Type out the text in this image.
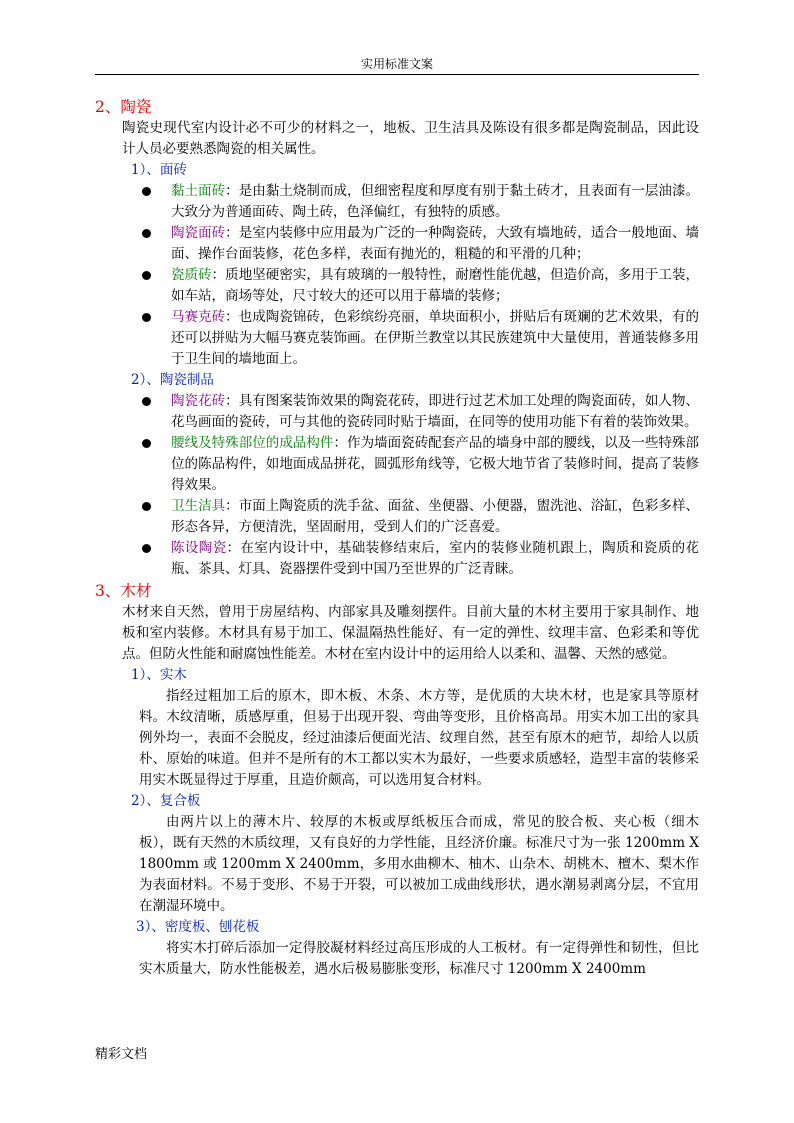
实用标准文案
2、陶瓷
陶瓷史现代室内设计必不可少的材料之一，地板、卫生洁具及陈设有很多都是陶瓷制品，因此设计人员必要熟悉陶瓷的相关属性。
1）、面砖
黏土面砖：是由黏土烧制而成，但细密程度和厚度有别于黏土砖才，且表面有一层油漆。大致分为普通面砖、陶土砖，色泽偏红，有独特的质感。
陶瓷面砖：是室内装修中应用最为广泛的一种陶瓷砖，大致有墙地砖，适合一般地面、墙面、操作台面装修，花色多样，表面有抛光的，粗糙的和平滑的几种；
瓷质砖：质地坚硬密实，具有玻璃的一般特性，耐磨性能优越，但造价高，多用于工装，如车站，商场等处，尺寸较大的还可以用于幕墙的装修；
马赛克砖：也成陶瓷锦砖，色彩缤纷亮丽，单块面积小，拼贴后有斑斓的艺术效果，有的还可以拼贴为大幅马赛克装饰画。在伊斯兰教堂以其民族建筑中大量使用，普通装修多用于卫生间的墙地面上。
2）、陶瓷制品
陶瓷花砖：具有图案装饰效果的陶瓷花砖，即进行过艺术加工处理的陶瓷面砖，如人物、花鸟画面的瓷砖，可与其他的瓷砖同时贴于墙面，在同等的使用功能下有着的装饰效果。
腰线及特殊部位的成品构件：作为墙面瓷砖配套产品的墙身中部的腰线，以及一些特殊部位的陈品构件，如地面成品拼花，圆弧形角线等，它极大地节省了装修时间，提高了装修得效果。
卫生洁具：市面上陶瓷质的洗手盆、面盆、坐便器、小便器，盥洗池、浴缸，色彩多样、形态各异，方便清洗，坚固耐用，受到人们的广泛喜爱。
陈设陶瓷：在室内设计中，基础装修结束后，室内的装修业随机跟上，陶质和瓷质的花瓶、茶具、灯具、瓷器摆件受到中国乃至世界的广泛青睐。
3、木材
木材来自天然，曾用于房屋结构、内部家具及雕刻摆件。目前大量的木材主要用于家具制作、地板和室内装修。木材具有易于加工、保温隔热性能好、有一定的弹性、纹理丰富、色彩柔和等优点。但防火性能和耐腐蚀性能差。木材在室内设计中的运用给人以柔和、温馨、天然的感觉。
1）、实木
指经过粗加工后的原木，即木板、木条、木方等，是优质的大块木材，也是家具等原材料。木纹清晰，质感厚重，但易于出现开裂、弯曲等变形，且价格高昂。用实木加工出的家具例外均一，表面不会脱皮，经过油漆后便面光洁、纹理自然，甚至有原木的疤节，却给人以质朴、原始的味道。但并不是所有的木工都以实木为最好，一些要求质感轻，造型丰富的装修采用实木既显得过于厚重，且造价颇高，可以选用复合材料。
2）、复合板
由两片以上的薄木片、较厚的木板或厚纸板压合而成，常见的胶合板、夹心板（细木板），既有天然的木质纹理，又有良好的力学性能，且经济价廉。标准尺寸为一张 1200mm X 1800mm 或 1200mm X 2400mm，多用水曲柳木、柚木、山杂木、胡桃木、檀木、梨木作为表面材料。不易于变形、不易于开裂，可以被加工成曲线形状，遇水潮易剥离分层，不宜用在潮湿环境中。
3）、密度板、刨花板
将实木打碎后添加一定得胶凝材料经过高压形成的人工板材。有一定得弹性和韧性，但比实木质量大，防水性能极差，遇水后极易膨胀变形，标准尺寸 1200mm X 2400mm
精彩文档
